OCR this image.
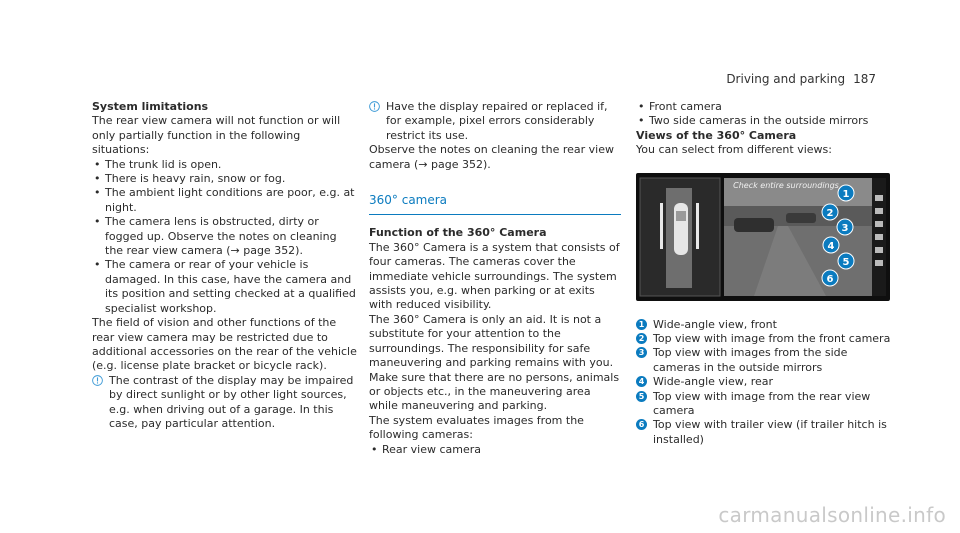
Driving and parking 187

System limitations

The rear view camera will not function or will only partially function in the following situations:

• The trunk lid is open.
• There is heavy rain, snow or fog.
• The ambient light conditions are poor, e.g. at night.
• The camera lens is obstructed, dirty or fogged up. Observe the notes on cleaning the rear view camera (→ page 352).
• The camera or rear of your vehicle is damaged. In this case, have the camera and its position and setting checked at a qualified specialist workshop.

The field of vision and other functions of the rear view camera may be restricted due to additional accessories on the rear of the vehicle (e.g. license plate bracket or bicycle rack).

The contrast of the display may be impaired by direct sunlight or by other light sources, e.g. when driving out of a garage. In this case, pay particular attention.
Have the display repaired or replaced if, for example, pixel errors considerably restrict its use.

Observe the notes on cleaning the rear view camera (→ page 352).

360° camera

Function of the 360° Camera

The 360° Camera is a system that consists of four cameras. The cameras cover the immediate vehicle surroundings. The system assists you, e.g. when parking or at exits with reduced visibility.

The 360° Camera is only an aid. It is not a substitute for your attention to the surroundings. The responsibility for safe maneuvering and parking remains with you. Make sure that there are no persons, animals or objects etc., in the maneuvering area while maneuvering and parking.

The system evaluates images from the following cameras:

• Rear view camera
• Front camera
• Two side cameras in the outside mirrors

Views of the 360° Camera

You can select from different views:

1
2
3
4
5
6
Check entire surroundings
• 1 Wide-angle view, front
• 2 Top view with image from the front camera
• 3 Top view with images from the side cameras in the outside mirrors
• 4 Wide-angle view, rear
• 5 Top view with image from the rear view camera
• 6 Top view with trailer view (if trailer hitch is installed)
carmanualsonline.info
